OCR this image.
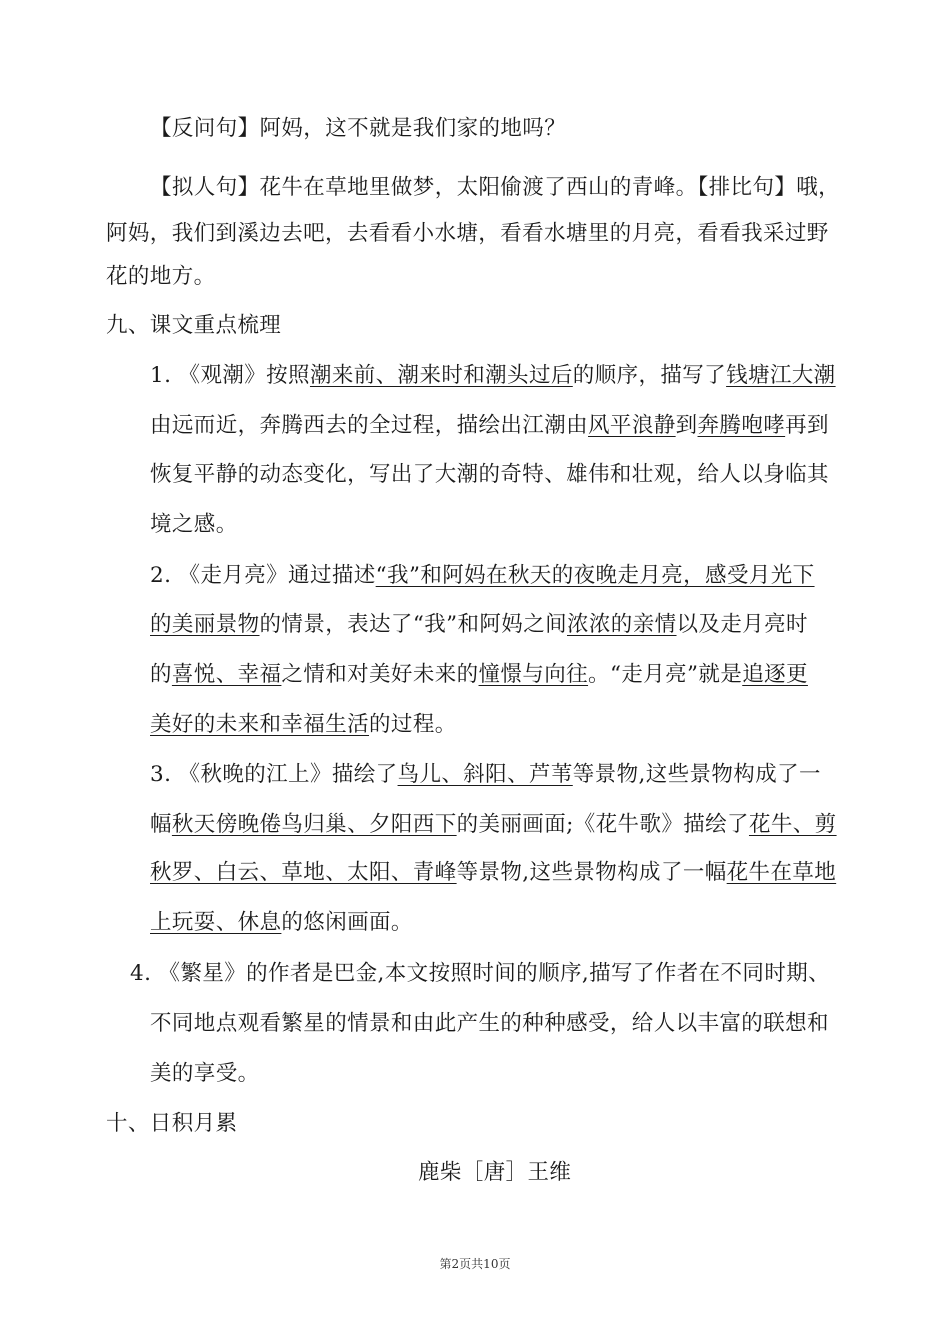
【反问句】阿妈，这不就是我们家的地吗？
【拟人句】花牛在草地里做梦，太阳偷渡了西山的青峰。【排比句】哦，
阿妈，我们到溪边去吧，去看看小水塘，看看水塘里的月亮，看看我采过野
花的地方。
九、课文重点梳理
1. 《观潮》按照潮来前、潮来时和潮头过后的顺序，描写了钱塘江大潮
由远而近，奔腾西去的全过程，描绘出江潮由风平浪静到奔腾咆哮再到
恢复平静的动态变化，写出了大潮的奇特、雄伟和壮观，给人以身临其
境之感。
2. 《走月亮》通过描述“我”和阿妈在秋天的夜晚走月亮，感受月光下
的美丽景物的情景，表达了“我”和阿妈之间浓浓的亲情以及走月亮时
的喜悦、幸福之情和对美好未来的憧憬与向往。“走月亮”就是追逐更
美好的未来和幸福生活的过程。
3. 《秋晚的江上》描绘了鸟儿、斜阳、芦苇等景物,这些景物构成了一
幅秋天傍晚倦鸟归巢、夕阳西下的美丽画面;《花牛歌》描绘了花牛、剪
秋罗、白云、草地、太阳、青峰等景物,这些景物构成了一幅花牛在草地
上玩耍、休息的悠闲画面。
4. 《繁星》的作者是巴金,本文按照时间的顺序,描写了作者在不同时期、
不同地点观看繁星的情景和由此产生的种种感受，给人以丰富的联想和
美的享受。
十、日积月累
鹿柴［唐］王维
第2页共10页
